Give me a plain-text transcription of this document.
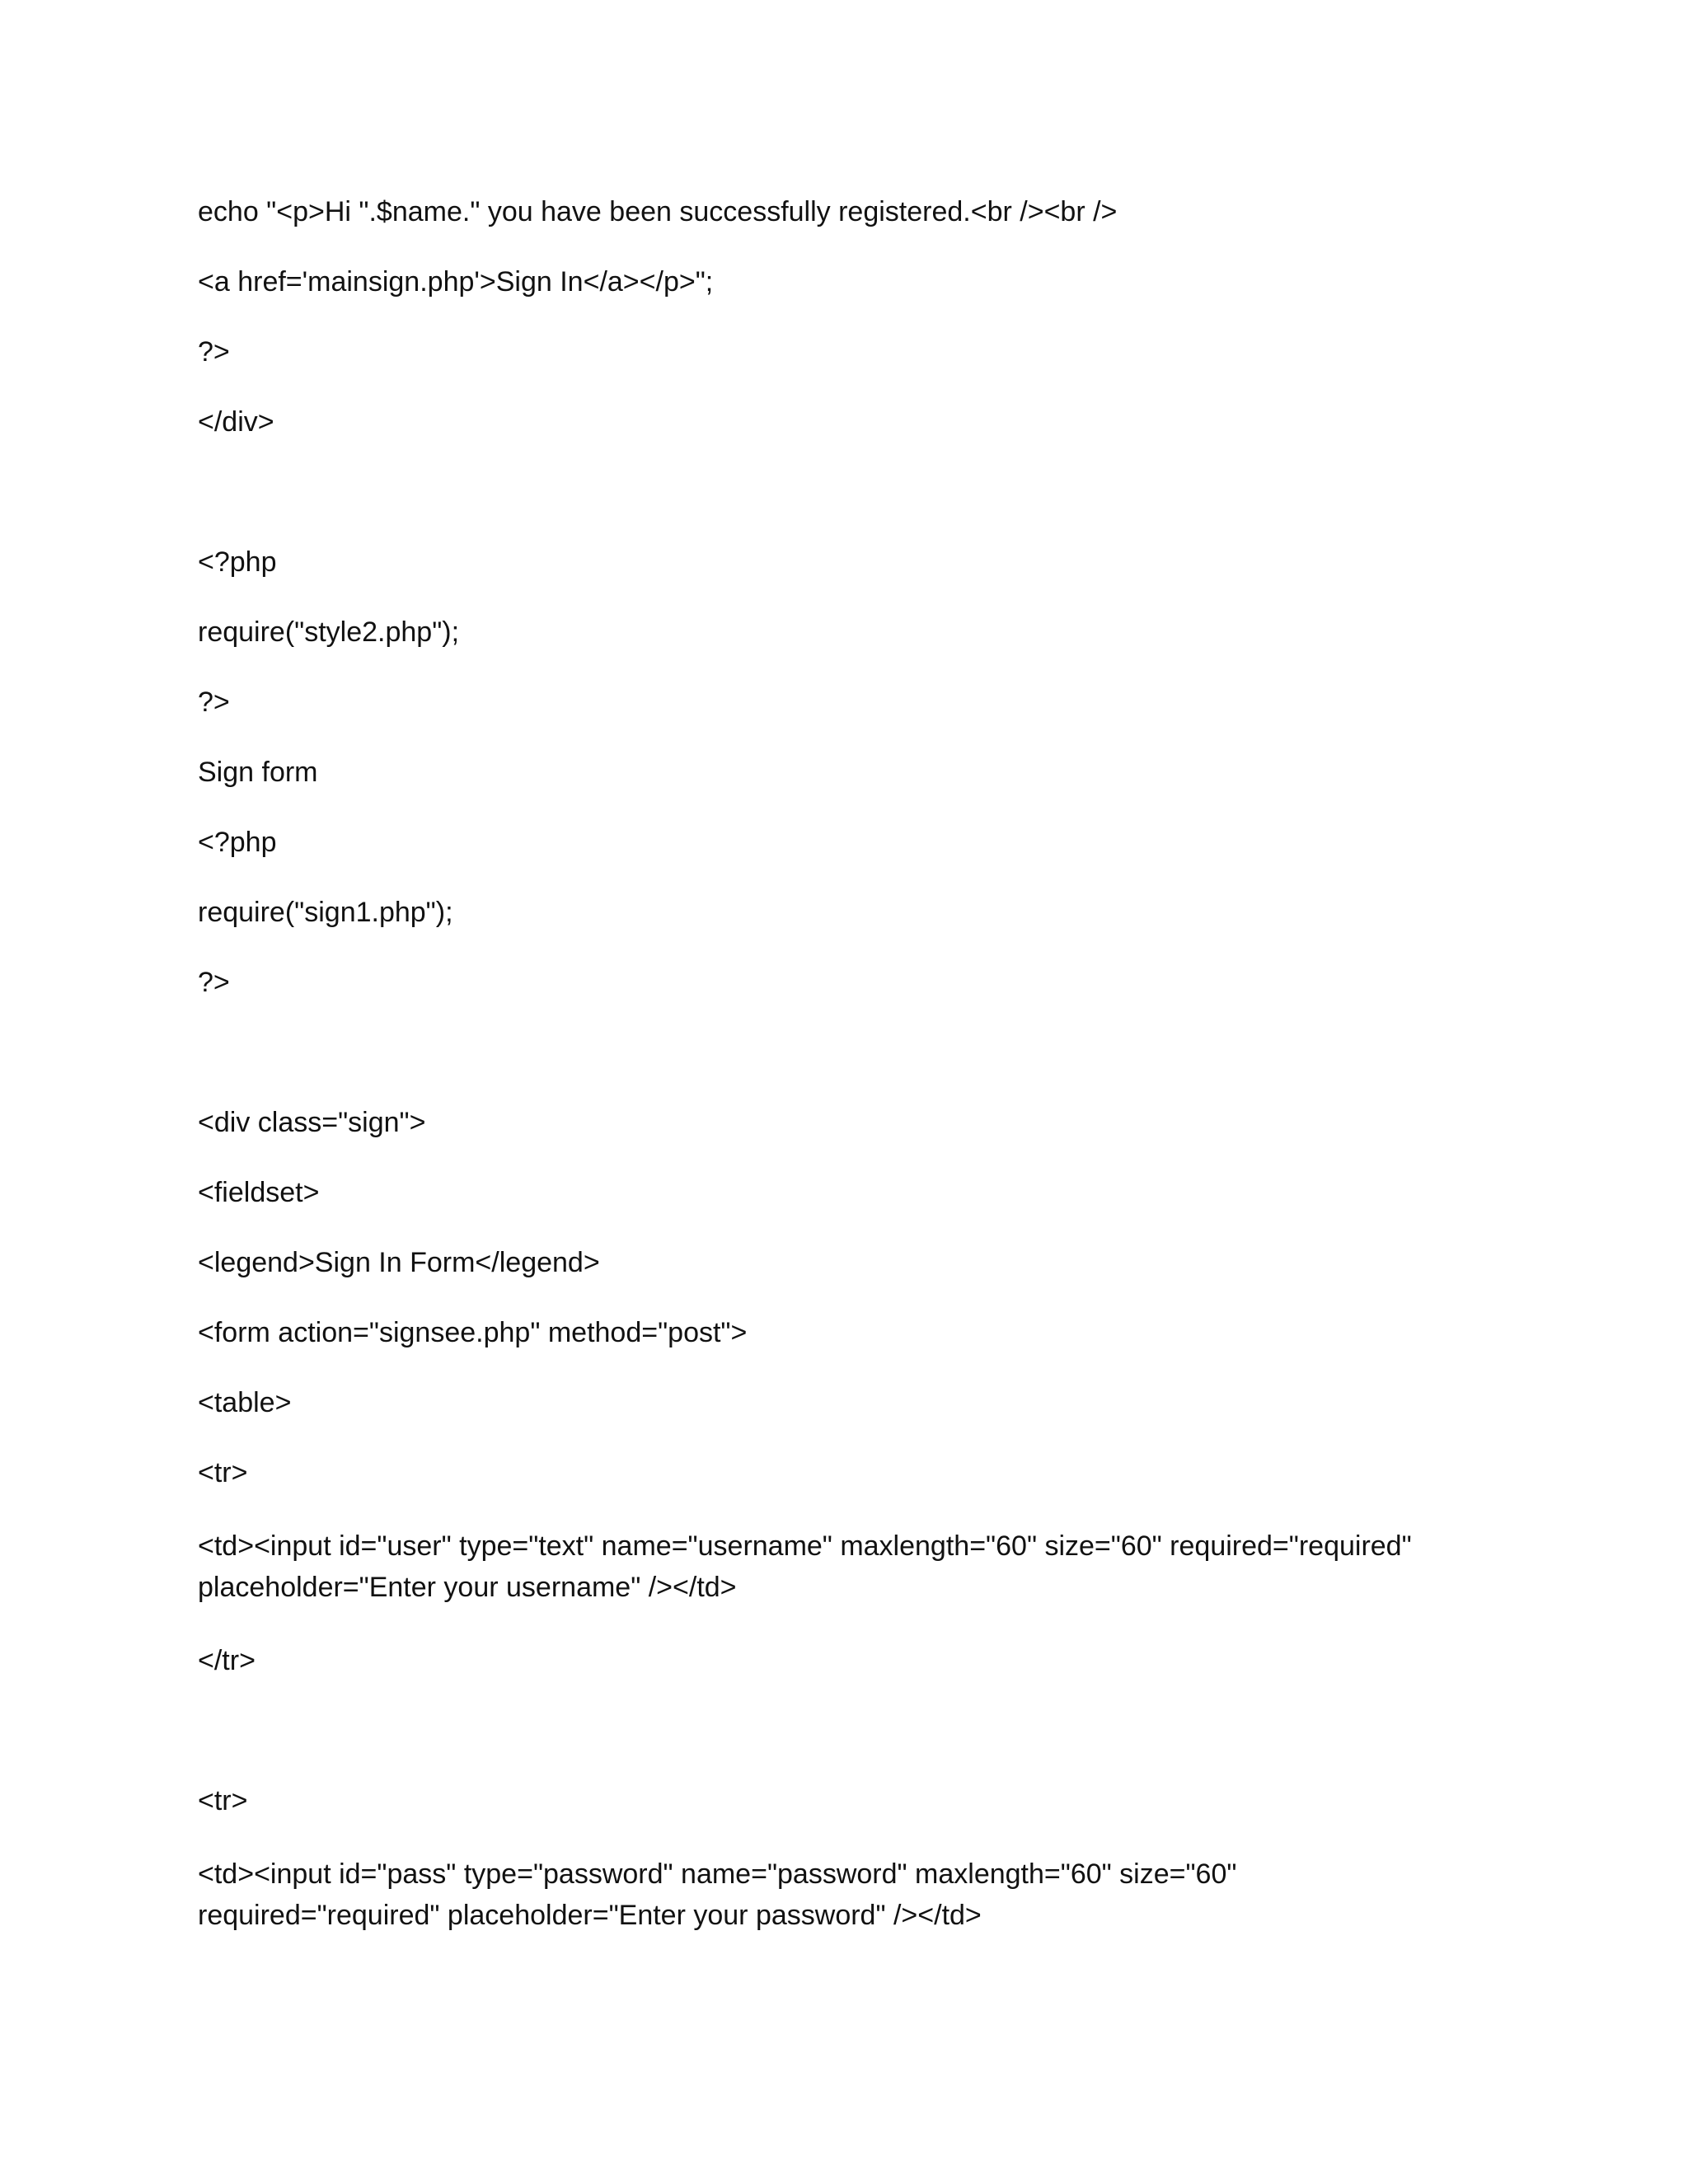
echo "<p>Hi ".$name." you have been successfully registered.<br /><br />
<a href='mainsign.php'>Sign In</a></p>";
?>
</div>
<?php
require("style2.php");
?>
Sign form
<?php
require("sign1.php");
?>
<div class="sign">
<fieldset>
<legend>Sign In Form</legend>
<form action="signsee.php" method="post">
<table>
<tr>
<td><input id="user" type="text" name="username" maxlength="60" size="60" required="required"
placeholder="Enter your username" /></td>
</tr>
<tr>
<td><input id="pass" type="password" name="password" maxlength="60" size="60"
required="required" placeholder="Enter your password" /></td>
